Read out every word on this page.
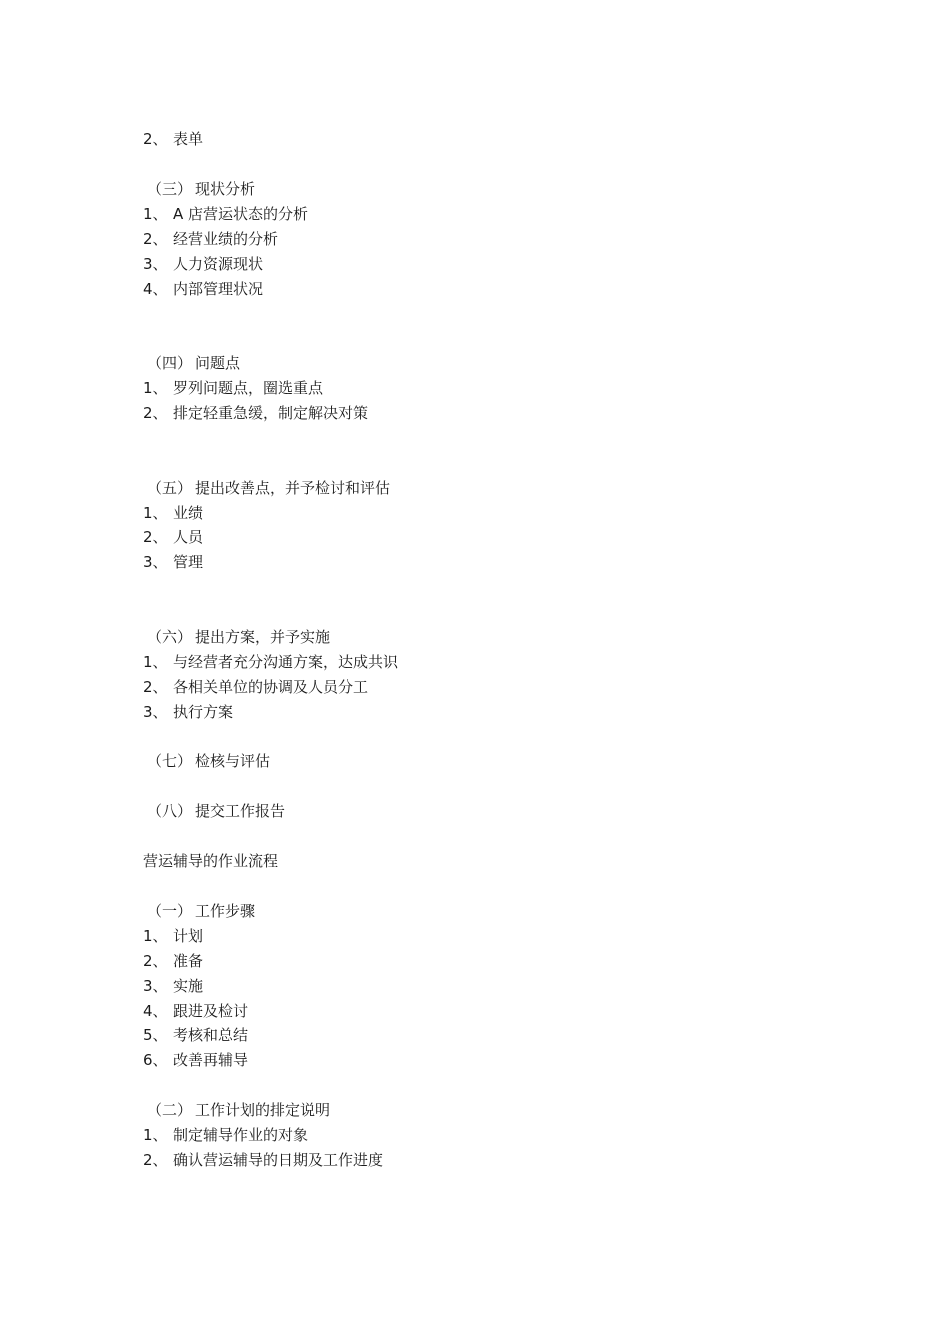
2、 表单
（三） 现状分析
1、 A 店营运状态的分析
2、 经营业绩的分析
3、 人力资源现状
4、 内部管理状况
（四） 问题点
1、 罗列问题点，圈选重点
2、 排定轻重急缓，制定解决对策
（五） 提出改善点，并予检讨和评估
1、 业绩
2、 人员
3、 管理
（六） 提出方案，并予实施
1、 与经营者充分沟通方案，达成共识
2、 各相关单位的协调及人员分工
3、 执行方案
（七） 检核与评估
（八） 提交工作报告
营运辅导的作业流程
（一） 工作步骤
1、 计划
2、 准备
3、 实施
4、 跟进及检讨
5、 考核和总结
6、 改善再辅导
（二） 工作计划的排定说明
1、 制定辅导作业的对象
2、 确认营运辅导的日期及工作进度
